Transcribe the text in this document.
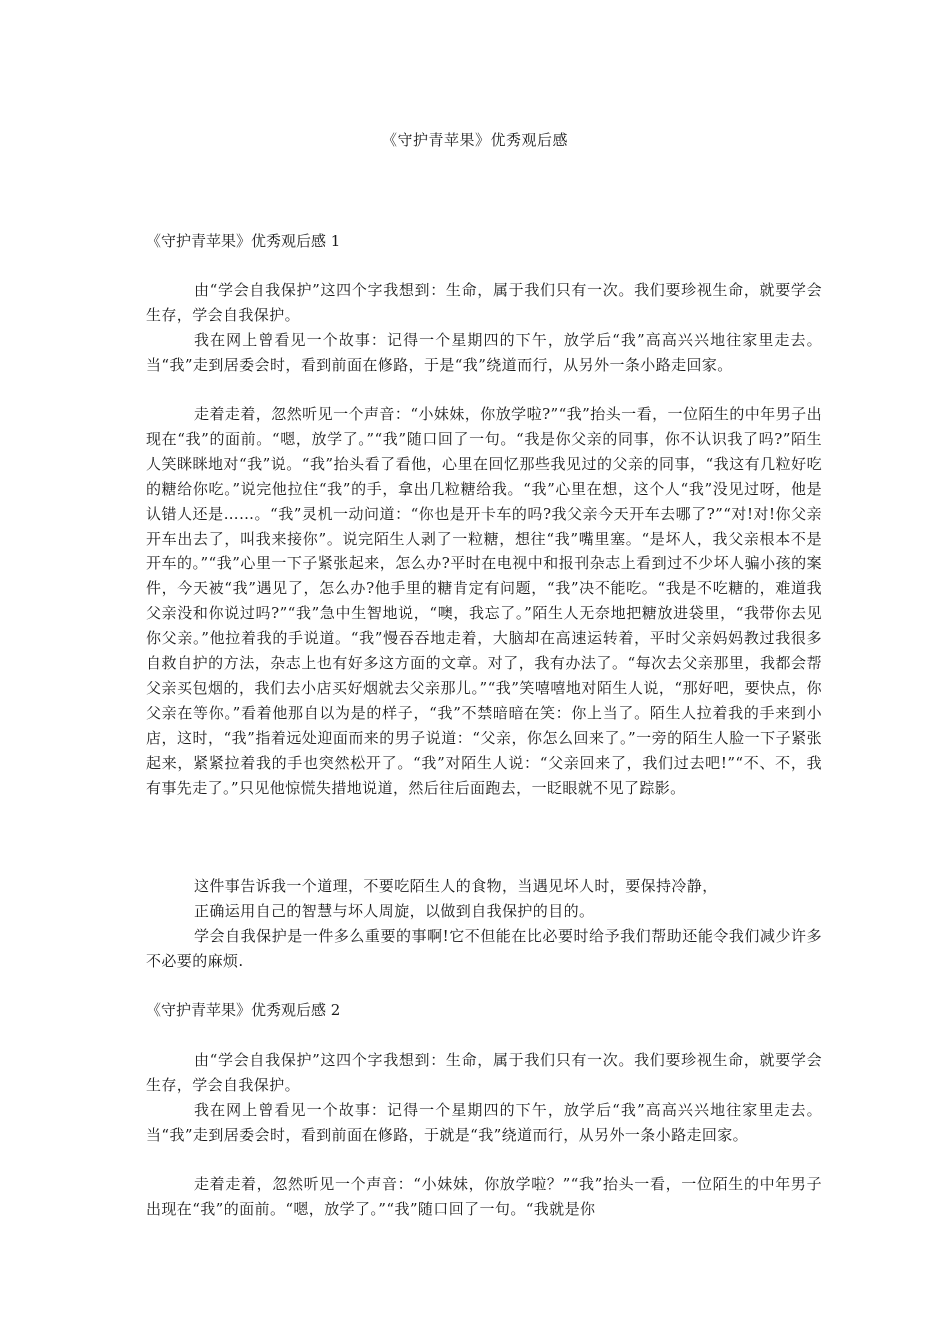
《守护青苹果》优秀观后感
《守护青苹果》优秀观后感 1

由“学会自我保护”这四个字我想到：生命，属于我们只有一次。我们要珍视生命，就要学会生存，学会自我保护。

我在网上曾看见一个故事：记得一个星期四的下午，放学后“我”高高兴兴地往家里走去。当“我”走到居委会时，看到前面在修路，于是“我”绕道而行，从另外一条小路走回家。

走着走着，忽然听见一个声音：“小妹妹，你放学啦?”“我”抬头一看，一位陌生的中年男子出现在“我”的面前。“嗯，放学了。”“我”随口回了一句。“我是你父亲的同事，你不认识我了吗?”陌生人笑眯眯地对“我”说。“我”抬头看了看他，心里在回忆那些我见过的父亲的同事，“我这有几粒好吃的糖给你吃。”说完他拉住“我”的手，拿出几粒糖给我。“我”心里在想，这个人“我”没见过呀，他是认错人还是……。“我”灵机一动问道：“你也是开卡车的吗?我父亲今天开车去哪了?”“对!对!你父亲开车出去了，叫我来接你”。说完陌生人剥了一粒糖，想往“我”嘴里塞。“是坏人，我父亲根本不是开车的。”“我”心里一下子紧张起来，怎么办?平时在电视中和报刊杂志上看到过不少坏人骗小孩的案件，今天被“我”遇见了，怎么办?他手里的糖肯定有问题，“我”决不能吃。“我是不吃糖的，难道我父亲没和你说过吗?”“我”急中生智地说，“噢，我忘了。”陌生人无奈地把糖放进袋里，“我带你去见你父亲。”他拉着我的手说道。“我”慢吞吞地走着，大脑却在高速运转着，平时父亲妈妈教过我很多自救自护的方法，杂志上也有好多这方面的文章。对了，我有办法了。“每次去父亲那里，我都会帮父亲买包烟的，我们去小店买好烟就去父亲那儿。”“我”笑嘻嘻地对陌生人说，“那好吧，要快点，你父亲在等你。”看着他那自以为是的样子，“我”不禁暗暗在笑：你上当了。陌生人拉着我的手来到小店，这时，“我”指着远处迎面而来的男子说道：“父亲，你怎么回来了。”一旁的陌生人脸一下子紧张起来，紧紧拉着我的手也突然松开了。“我”对陌生人说：“父亲回来了，我们过去吧!”“不、不，我有事先走了。”只见他惊慌失措地说道，然后往后面跑去，一眨眼就不见了踪影。

这件事告诉我一个道理，不要吃陌生人的食物，当遇见坏人时，要保持冷静，

正确运用自己的智慧与坏人周旋，以做到自我保护的目的。

学会自我保护是一件多么重要的事啊!它不但能在比必要时给予我们帮助还能令我们减少许多不必要的麻烦.

《守护青苹果》优秀观后感 2

由“学会自我保护”这四个字我想到：生命，属于我们只有一次。我们要珍视生命，就要学会生存，学会自我保护。

我在网上曾看见一个故事：记得一个星期四的下午，放学后“我”高高兴兴地往家里走去。当“我”走到居委会时，看到前面在修路，于就是“我”绕道而行，从另外一条小路走回家。

走着走着，忽然听见一个声音：“小妹妹，你放学啦？”“我”抬头一看，一位陌生的中年男子出现在“我”的面前。“嗯，放学了。”“我”随口回了一句。“我就是你
